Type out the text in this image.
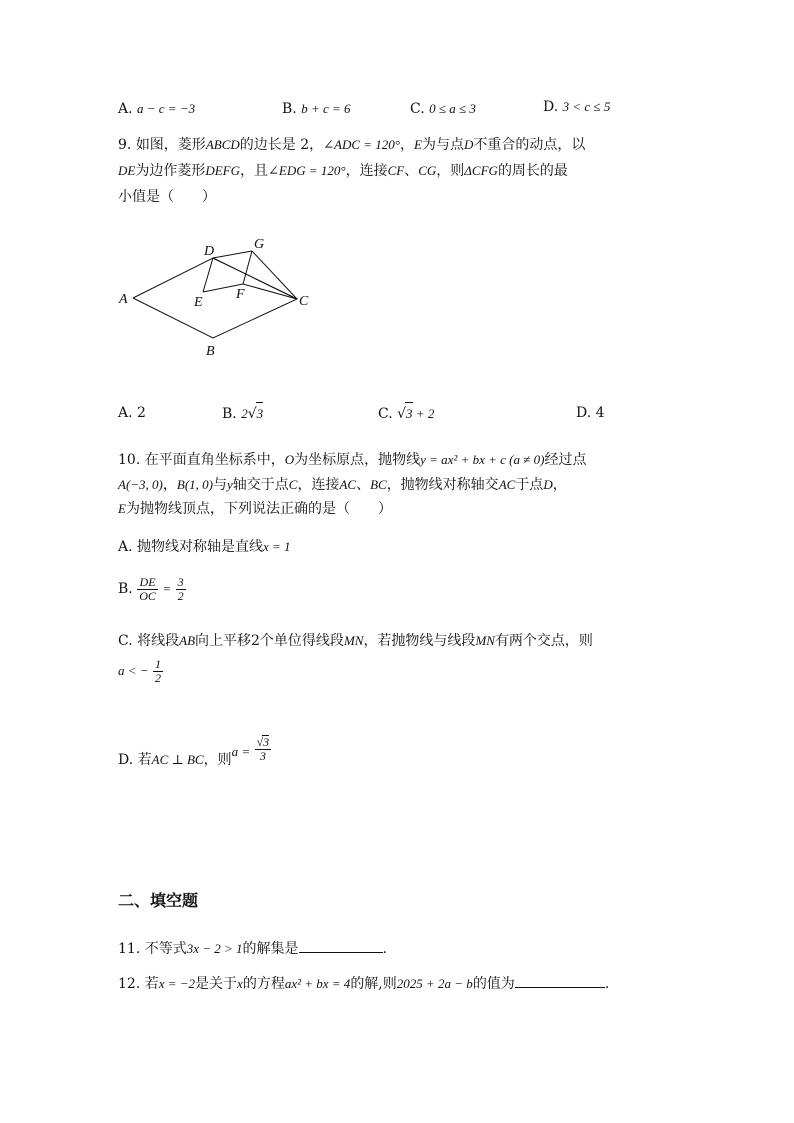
A. a − c = −3	B. b + c = 6	C. 0 ≤ a ≤ 3	D. 3 < c ≤ 5
9. 如图，菱形ABCD的边长是 2，∠ADC = 120°，E为与点D不重合的动点，以
DE为边作菱形DEFG，且∠EDG = 120°，连接CF、CG，则ΔCFG的周长的最
小值是（　　）
A
B
C
D
E
F
G
A. 2	B. 2√3	C. √3 + 2	D. 4
10. 在平面直角坐标系中，O为坐标原点，抛物线y = ax² + bx + c (a ≠ 0)经过点
A(−3, 0)，B(1, 0)与y轴交于点C，连接AC、BC，抛物线对称轴交AC于点D，
E为抛物线顶点，下列说法正确的是（　　）
A. 抛物线对称轴是直线x = 1
B. $\frac{DE}{OC} = \frac{3}{2}$
C. 将线段AB向上平移2个单位得线段MN，若抛物线与线段MN有两个交点，则
a < − $\frac{1}{2}$
D. 若AC ⊥ BC，则$a = \frac{√3}{3}$
二、填空题
11. 不等式3x − 2 > 1的解集是	.
12. 若x = −2是关于x的方程ax² + bx = 4的解,则2025 + 2a − b的值为	.
